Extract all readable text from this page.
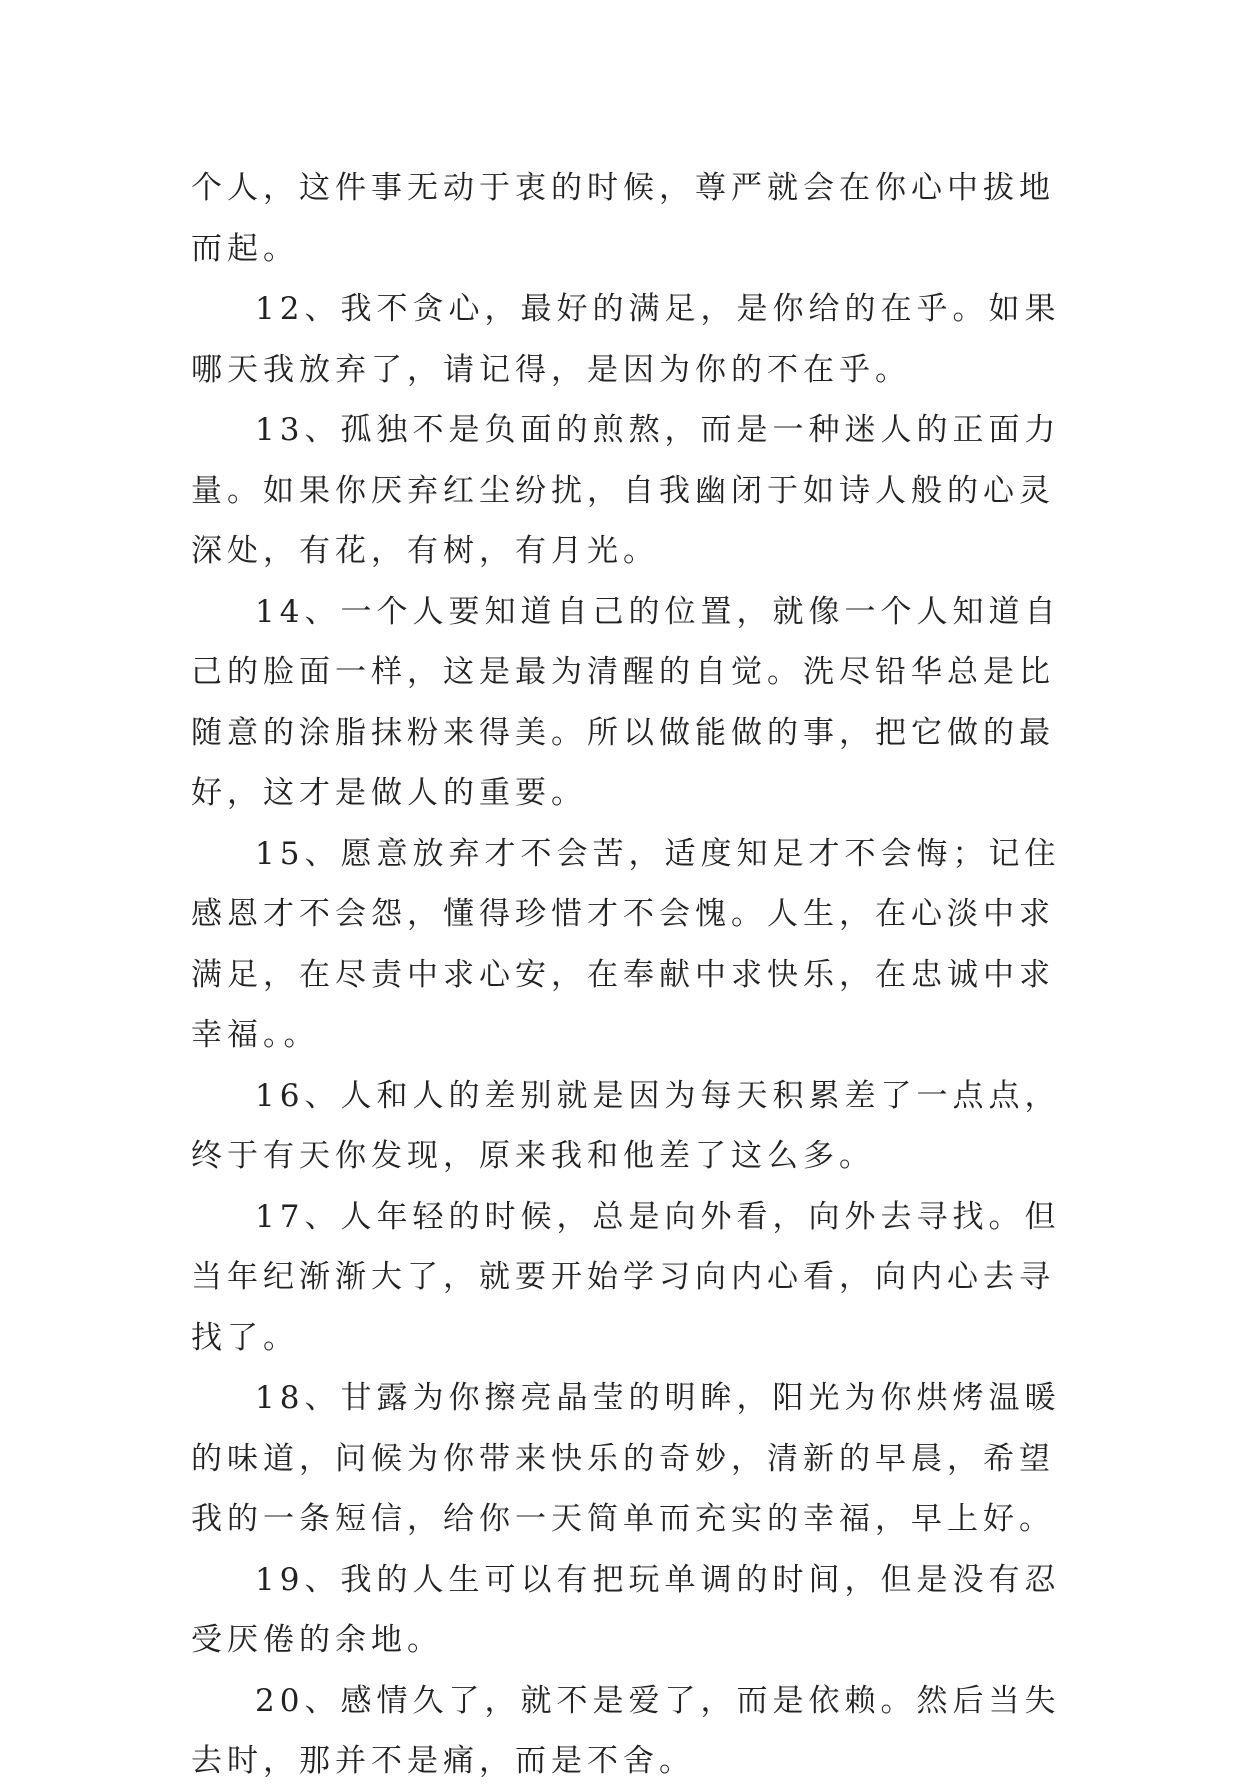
个人，这件事无动于衷的时候，尊严就会在你心中拔地而起。

12、我不贪心，最好的满足，是你给的在乎。如果哪天我放弃了，请记得，是因为你的不在乎。

13、孤独不是负面的煎熬，而是一种迷人的正面力量。如果你厌弃红尘纷扰，自我幽闭于如诗人般的心灵深处，有花，有树，有月光。

14、一个人要知道自己的位置，就像一个人知道自己的脸面一样，这是最为清醒的自觉。洗尽铅华总是比随意的涂脂抹粉来得美。所以做能做的事，把它做的最好，这才是做人的重要。

15、愿意放弃才不会苦，适度知足才不会悔；记住感恩才不会怨，懂得珍惜才不会愧。人生，在心淡中求满足，在尽责中求心安，在奉献中求快乐，在忠诚中求幸福。。

16、人和人的差别就是因为每天积累差了一点点，终于有天你发现，原来我和他差了这么多。

17、人年轻的时候，总是向外看，向外去寻找。但当年纪渐渐大了，就要开始学习向内心看，向内心去寻找了。

18、甘露为你擦亮晶莹的明眸，阳光为你烘烤温暖的味道，问候为你带来快乐的奇妙，清新的早晨，希望我的一条短信，给你一天简单而充实的幸福，早上好。

19、我的人生可以有把玩单调的时间，但是没有忍受厌倦的余地。

20、感情久了，就不是爱了，而是依赖。然后当失去时，那并不是痛，而是不舍。
